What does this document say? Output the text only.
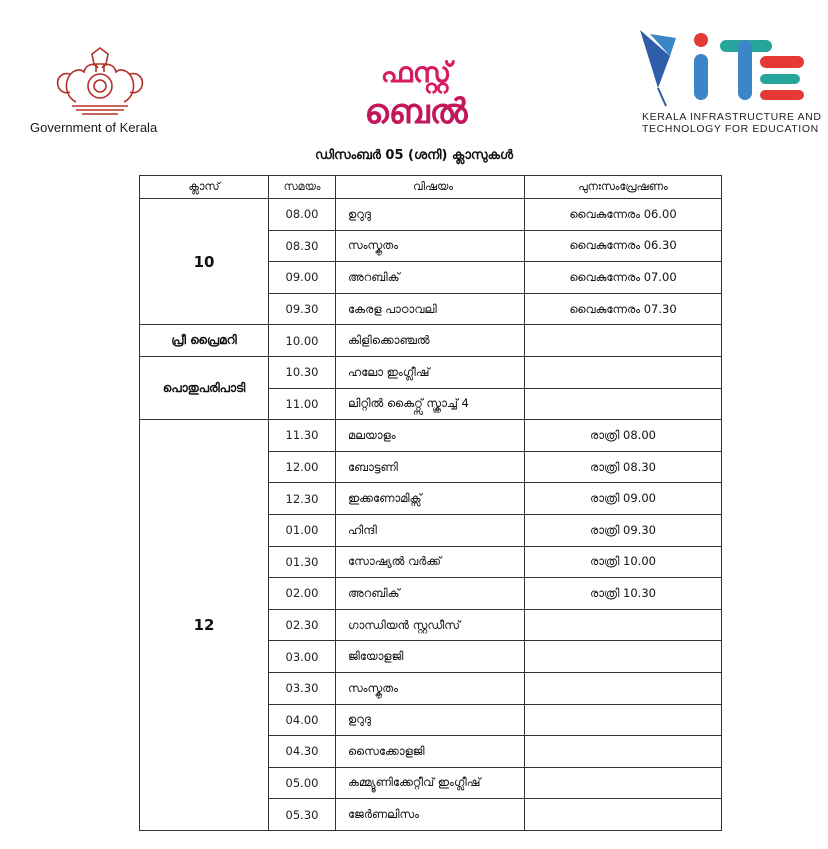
Government of Kerala
ഫസ്റ്റ്
ബെൽ	KERALA INFRASTRUCTURE AND
TECHNOLOGY FOR EDUCATION
ഡിസംബർ 05 (ശനി) ക്ലാസുകൾ
ക്ലാസ്	സമയം	വിഷയം	പുനഃസംപ്രേഷണം
10	08.00	ഉറുദു	വൈകുന്നേരം 06.00
	08.30	സംസ്കൃതം	വൈകുന്നേരം 06.30
	09.00	അറബിക്	വൈകുന്നേരം 07.00
	09.30	കേരള പാഠാവലി	വൈകുന്നേരം 07.30
പ്രീ പ്രൈമറി	10.00	കിളിക്കൊഞ്ചൽ	
പൊതുപരിപാടി	10.30	ഹലോ ഇംഗ്ലീഷ്	
	11.00	ലിറ്റിൽ കൈറ്റ്സ് സ്ക്രാച്ച് 4	
12	11.30	മലയാളം	രാത്രി 08.00
	12.00	ബോട്ടണി	രാത്രി 08.30
	12.30	ഇക്കണോമിക്സ്	രാത്രി 09.00
	01.00	ഹിന്ദി	രാത്രി 09.30
	01.30	സോഷ്യൽ വർക്ക്	രാത്രി 10.00
	02.00	അറബിക്	രാത്രി 10.30
	02.30	ഗാന്ധിയൻ സ്റ്റഡീസ്	
	03.00	ജിയോളജി	
	03.30	സംസ്കൃതം	
	04.00	ഉറുദു	
	04.30	സൈക്കോളജി	
	05.00	കമ്മ്യൂണിക്കേറ്റീവ് ഇംഗ്ലീഷ്	
	05.30	ജേർണലിസം	
